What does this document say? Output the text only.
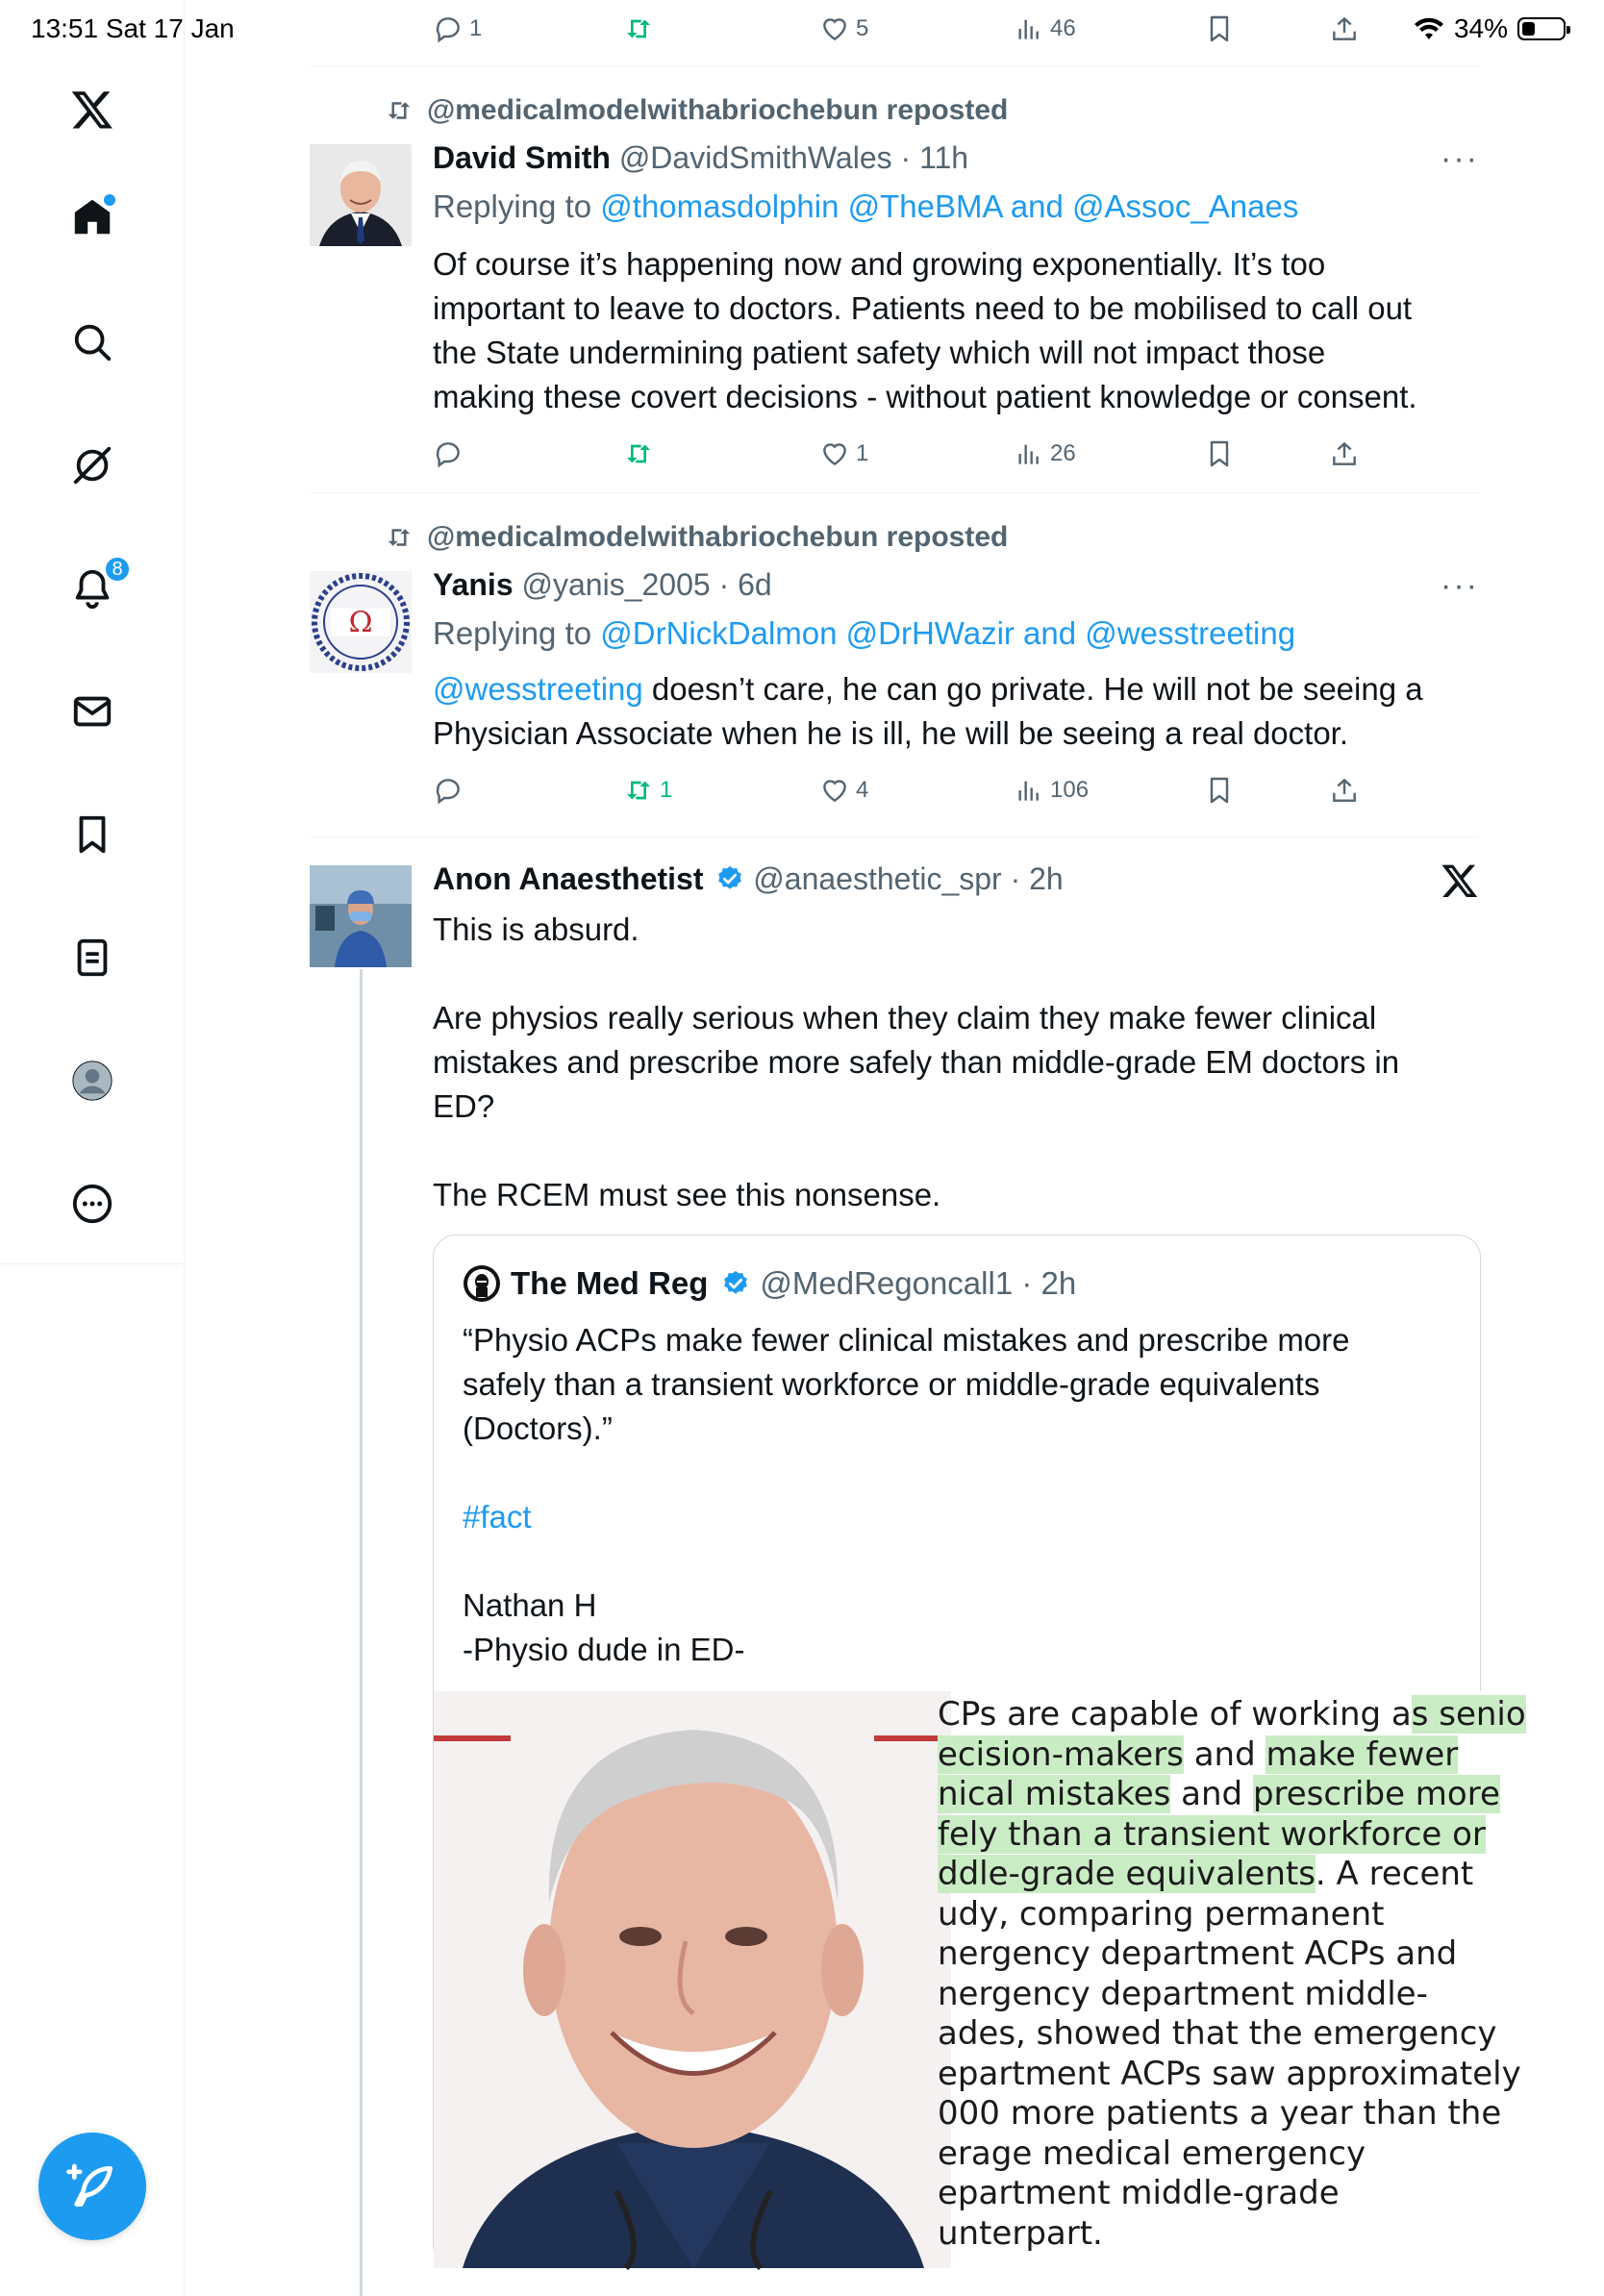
13:51 Sat 17 Jan	34%
8
1	5	46
@medicalmodelwithabriochebun reposted
David Smith @DavidSmithWales · 11h	···
Replying to @thomasdolphin @TheBMA and @Assoc_Anaes
Of course it’s happening now and growing exponentially. It’s too
important to leave to doctors. Patients need to be mobilised to call out
the State undermining patient safety which will not impact those
making these covert decisions - without patient knowledge or consent.
1	26
@medicalmodelwithabriochebun reposted
Ω
Yanis @yanis_2005 · 6d	···
Replying to @DrNickDalmon @DrHWazir and @wesstreeting
@wesstreeting doesn’t care, he can go private. He will not be seeing a
Physician Associate when he is ill, he will be seeing a real doctor.
1	4	106
Anon Anaesthetist @anaesthetic_spr · 2h
This is absurd.
Are physios really serious when they claim they make fewer clinical
mistakes and prescribe more safely than middle-grade EM doctors in
ED?
The RCEM must see this nonsense.
The Med Reg @MedRegoncall1 · 2h
“Physio ACPs make fewer clinical mistakes and prescribe more
safely than a transient workforce or middle-grade equivalents
(Doctors).”
#fact
Nathan H
-Physio dude in ED-
CPs are capable of working as senio
ecision-makers and make fewer
nical mistakes and prescribe more
fely than a transient workforce or
ddle-grade equivalents. A recent
udy, comparing permanent
nergency department ACPs and
nergency department middle-
ades, showed that the emergency
epartment ACPs saw approximately
000 more patients a year than the
erage medical emergency
epartment middle-grade
unterpart.
